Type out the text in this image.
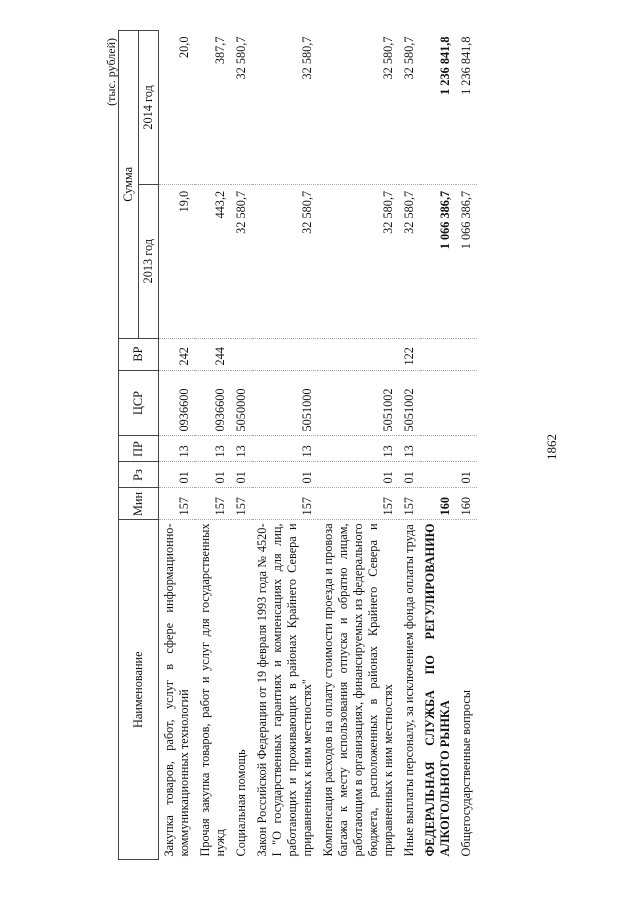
1862
(тыс. рублей)
Наименование	Мин	Рз	ПР	ЦСР	ВР	Сумма	
						2013 год	2014 год
Закупка товаров, работ, услуг в сфере информационно-коммуникационных технологий	157	01	13	0936600	242	19,0	20,0
Прочая закупка товаров, работ и услуг для государственных нужд	157	01	13	0936600	244	443,2	387,7
Социальная помощь	157	01	13	5050000		32 580,7	32 580,7
Закон Российской Федерации от 19 февраля 1993 года № 4520-I "О государственных гарантиях и компенсациях для лиц, работающих и проживающих в районах Крайнего Севера и приравненных к ним местностях"	157	01	13	5051000		32 580,7	32 580,7
Компенсация расходов на оплату стоимости проезда и провоза багажа к месту использования отпуска и обратно лицам, работающим в организациях, финансируемых из федерального бюджета, расположенных в районах Крайнего Севера и приравненных к ним местностях	157	01	13	5051002		32 580,7	32 580,7
Иные выплаты персоналу, за исключением фонда оплаты труда	157	01	13	5051002	122	32 580,7	32 580,7
ФЕДЕРАЛЬНАЯ СЛУЖБА ПО РЕГУЛИРОВАНИЮ АЛКОГОЛЬНОГО РЫНКА	160					1 066 386,7	1 236 841,8
Общегосударственные вопросы	160	01				1 066 386,7	1 236 841,8
